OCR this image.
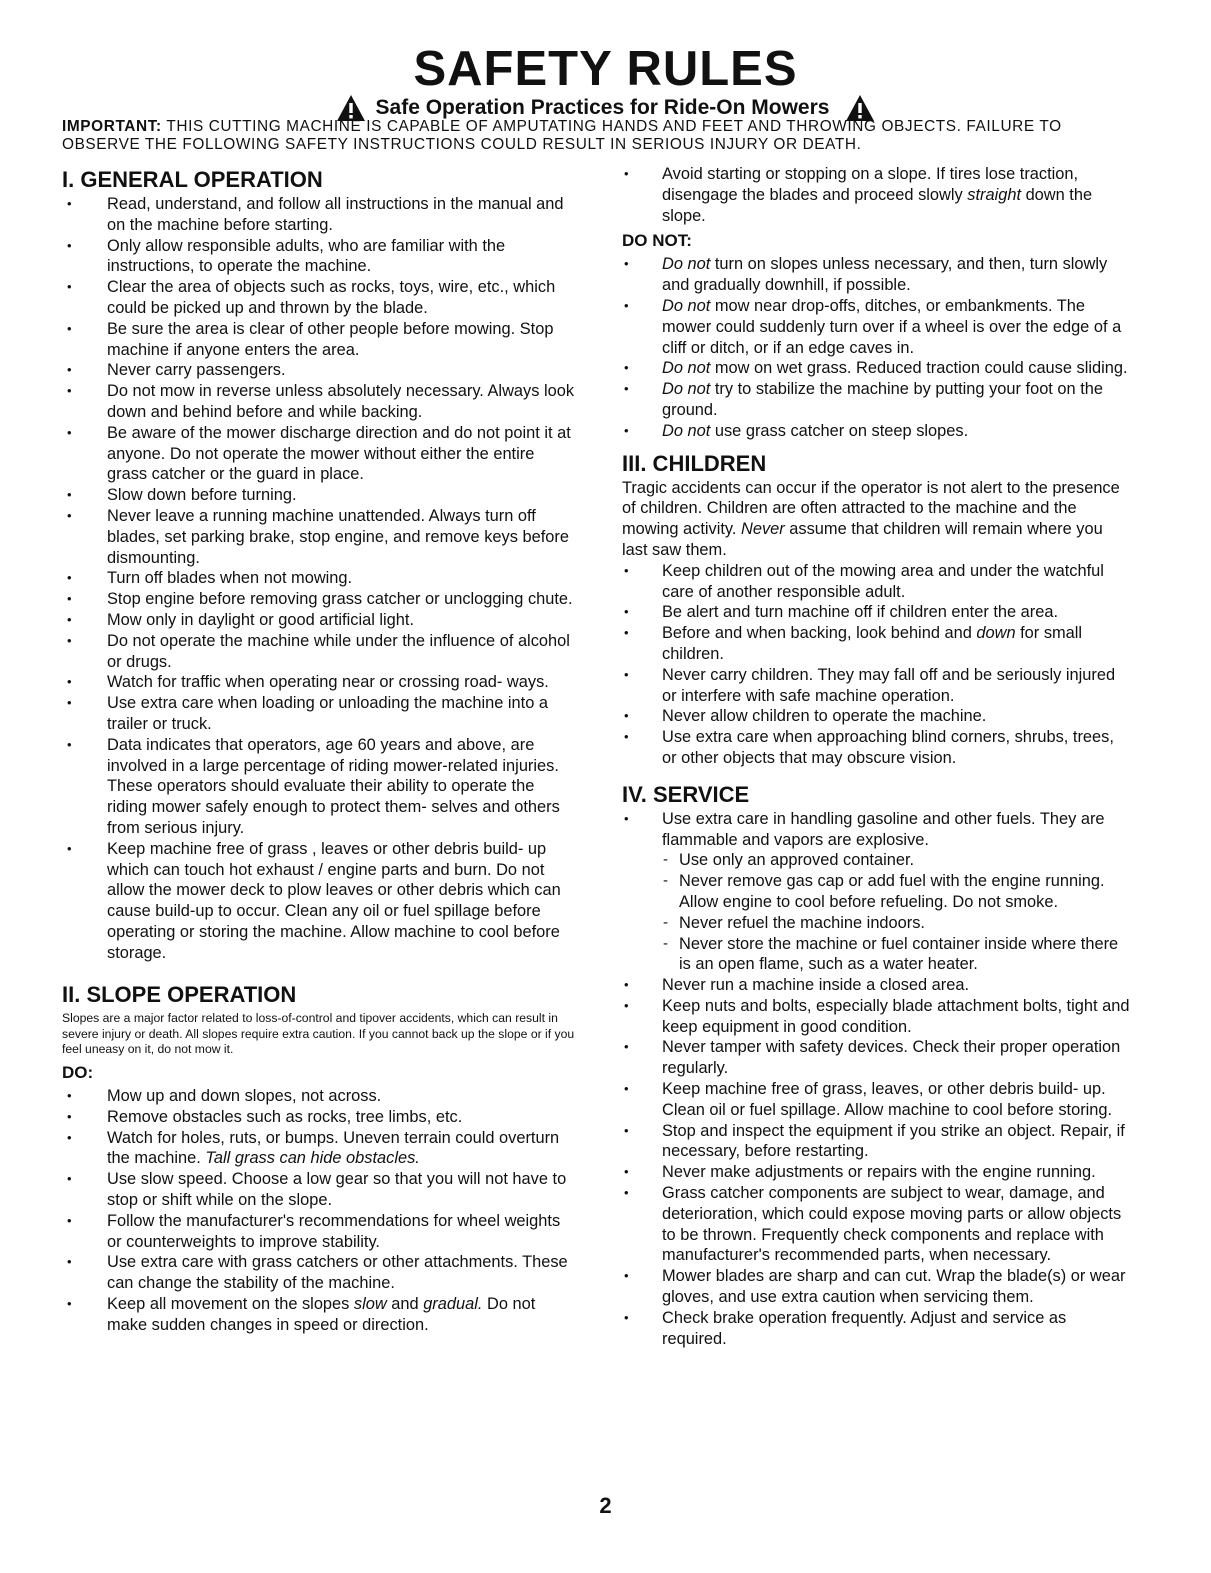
SAFETY RULES
Safe Operation Practices for Ride-On Mowers
IMPORTANT: THIS CUTTING MACHINE IS CAPABLE OF AMPUTATING HANDS AND FEET AND THROWING OBJECTS. FAILURE TO OBSERVE THE FOLLOWING SAFETY INSTRUCTIONS COULD RESULT IN SERIOUS INJURY OR DEATH.
I. GENERAL OPERATION
• Read, understand, and follow all instructions in the manual and on the machine before starting.
• Only allow responsible adults, who are familiar with the instructions, to operate the machine.
• Clear the area of objects such as rocks, toys, wire, etc., which could be picked up and thrown by the blade.
• Be sure the area is clear of other people before mowing. Stop machine if anyone enters the area.
• Never carry passengers.
• Do not mow in reverse unless absolutely necessary. Always look down and behind before and while backing.
• Be aware of the mower discharge direction and do not point it at anyone. Do not operate the mower without either the entire grass catcher or the guard in place.
• Slow down before turning.
• Never leave a running machine unattended. Always turn off blades, set parking brake, stop engine, and remove keys before dismounting.
• Turn off blades when not mowing.
• Stop engine before removing grass catcher or unclogging chute.
• Mow only in daylight or good artificial light.
• Do not operate the machine while under the influence of alcohol or drugs.
• Watch for traffic when operating near or crossing road- ways.
• Use extra care when loading or unloading the machine into a trailer or truck.
• Data indicates that operators, age 60 years and above, are involved in a large percentage of riding mower-related injuries. These operators should evaluate their ability to operate the riding mower safely enough to protect them- selves and others from serious injury.
• Keep machine free of grass , leaves or other debris build- up which can touch hot exhaust / engine parts and burn. Do not allow the mower deck to plow leaves or other debris which can cause build-up to occur. Clean any oil or fuel spillage before operating or storing the machine. Allow machine to cool before storage.
II. SLOPE OPERATION

Slopes are a major factor related to loss-of-control and tipover accidents, which can result in severe injury or death. All slopes require extra caution. If you cannot back up the slope or if you feel uneasy on it, do not mow it.

DO:
• Mow up and down slopes, not across.
• Remove obstacles such as rocks, tree limbs, etc.
• Watch for holes, ruts, or bumps. Uneven terrain could overturn the machine. Tall grass can hide obstacles.
• Use slow speed. Choose a low gear so that you will not have to stop or shift while on the slope.
• Follow the manufacturer's recommendations for wheel weights or counterweights to improve stability.
• Use extra care with grass catchers or other attachments. These can change the stability of the machine.
• Keep all movement on the slopes slow and gradual. Do not make sudden changes in speed or direction.
• Avoid starting or stopping on a slope. If tires lose traction, disengage the blades and proceed slowly straight down the slope.
DO NOT:
• Do not turn on slopes unless necessary, and then, turn slowly and gradually downhill, if possible.
• Do not mow near drop-offs, ditches, or embankments. The mower could suddenly turn over if a wheel is over the edge of a cliff or ditch, or if an edge caves in.
• Do not mow on wet grass. Reduced traction could cause sliding.
• Do not try to stabilize the machine by putting your foot on the ground.
• Do not use grass catcher on steep slopes.
III. CHILDREN

Tragic accidents can occur if the operator is not alert to the presence of children. Children are often attracted to the machine and the mowing activity. Never assume that children will remain where you last saw them.

• Keep children out of the mowing area and under the watchful care of another responsible adult.
• Be alert and turn machine off if children enter the area.
• Before and when backing, look behind and down for small children.
• Never carry children. They may fall off and be seriously injured or interfere with safe machine operation.
• Never allow children to operate the machine.
• Use extra care when approaching blind corners, shrubs, trees, or other objects that may obscure vision.
IV. SERVICE
• Use extra care in handling gasoline and other fuels. They are flammable and vapors are explosive.
- Use only an approved container.
- Never remove gas cap or add fuel with the engine running. Allow engine to cool before refueling. Do not smoke.
- Never refuel the machine indoors.
- Never store the machine or fuel container inside where there is an open flame, such as a water heater.
• Never run a machine inside a closed area.
• Keep nuts and bolts, especially blade attachment bolts, tight and keep equipment in good condition.
• Never tamper with safety devices. Check their proper operation regularly.
• Keep machine free of grass, leaves, or other debris build- up. Clean oil or fuel spillage. Allow machine to cool before storing.
• Stop and inspect the equipment if you strike an object. Repair, if necessary, before restarting.
• Never make adjustments or repairs with the engine running.
• Grass catcher components are subject to wear, damage, and deterioration, which could expose moving parts or allow objects to be thrown. Frequently check components and replace with manufacturer's recommended parts, when necessary.
• Mower blades are sharp and can cut. Wrap the blade(s) or wear gloves, and use extra caution when servicing them.
• Check brake operation frequently. Adjust and service as required.
2
